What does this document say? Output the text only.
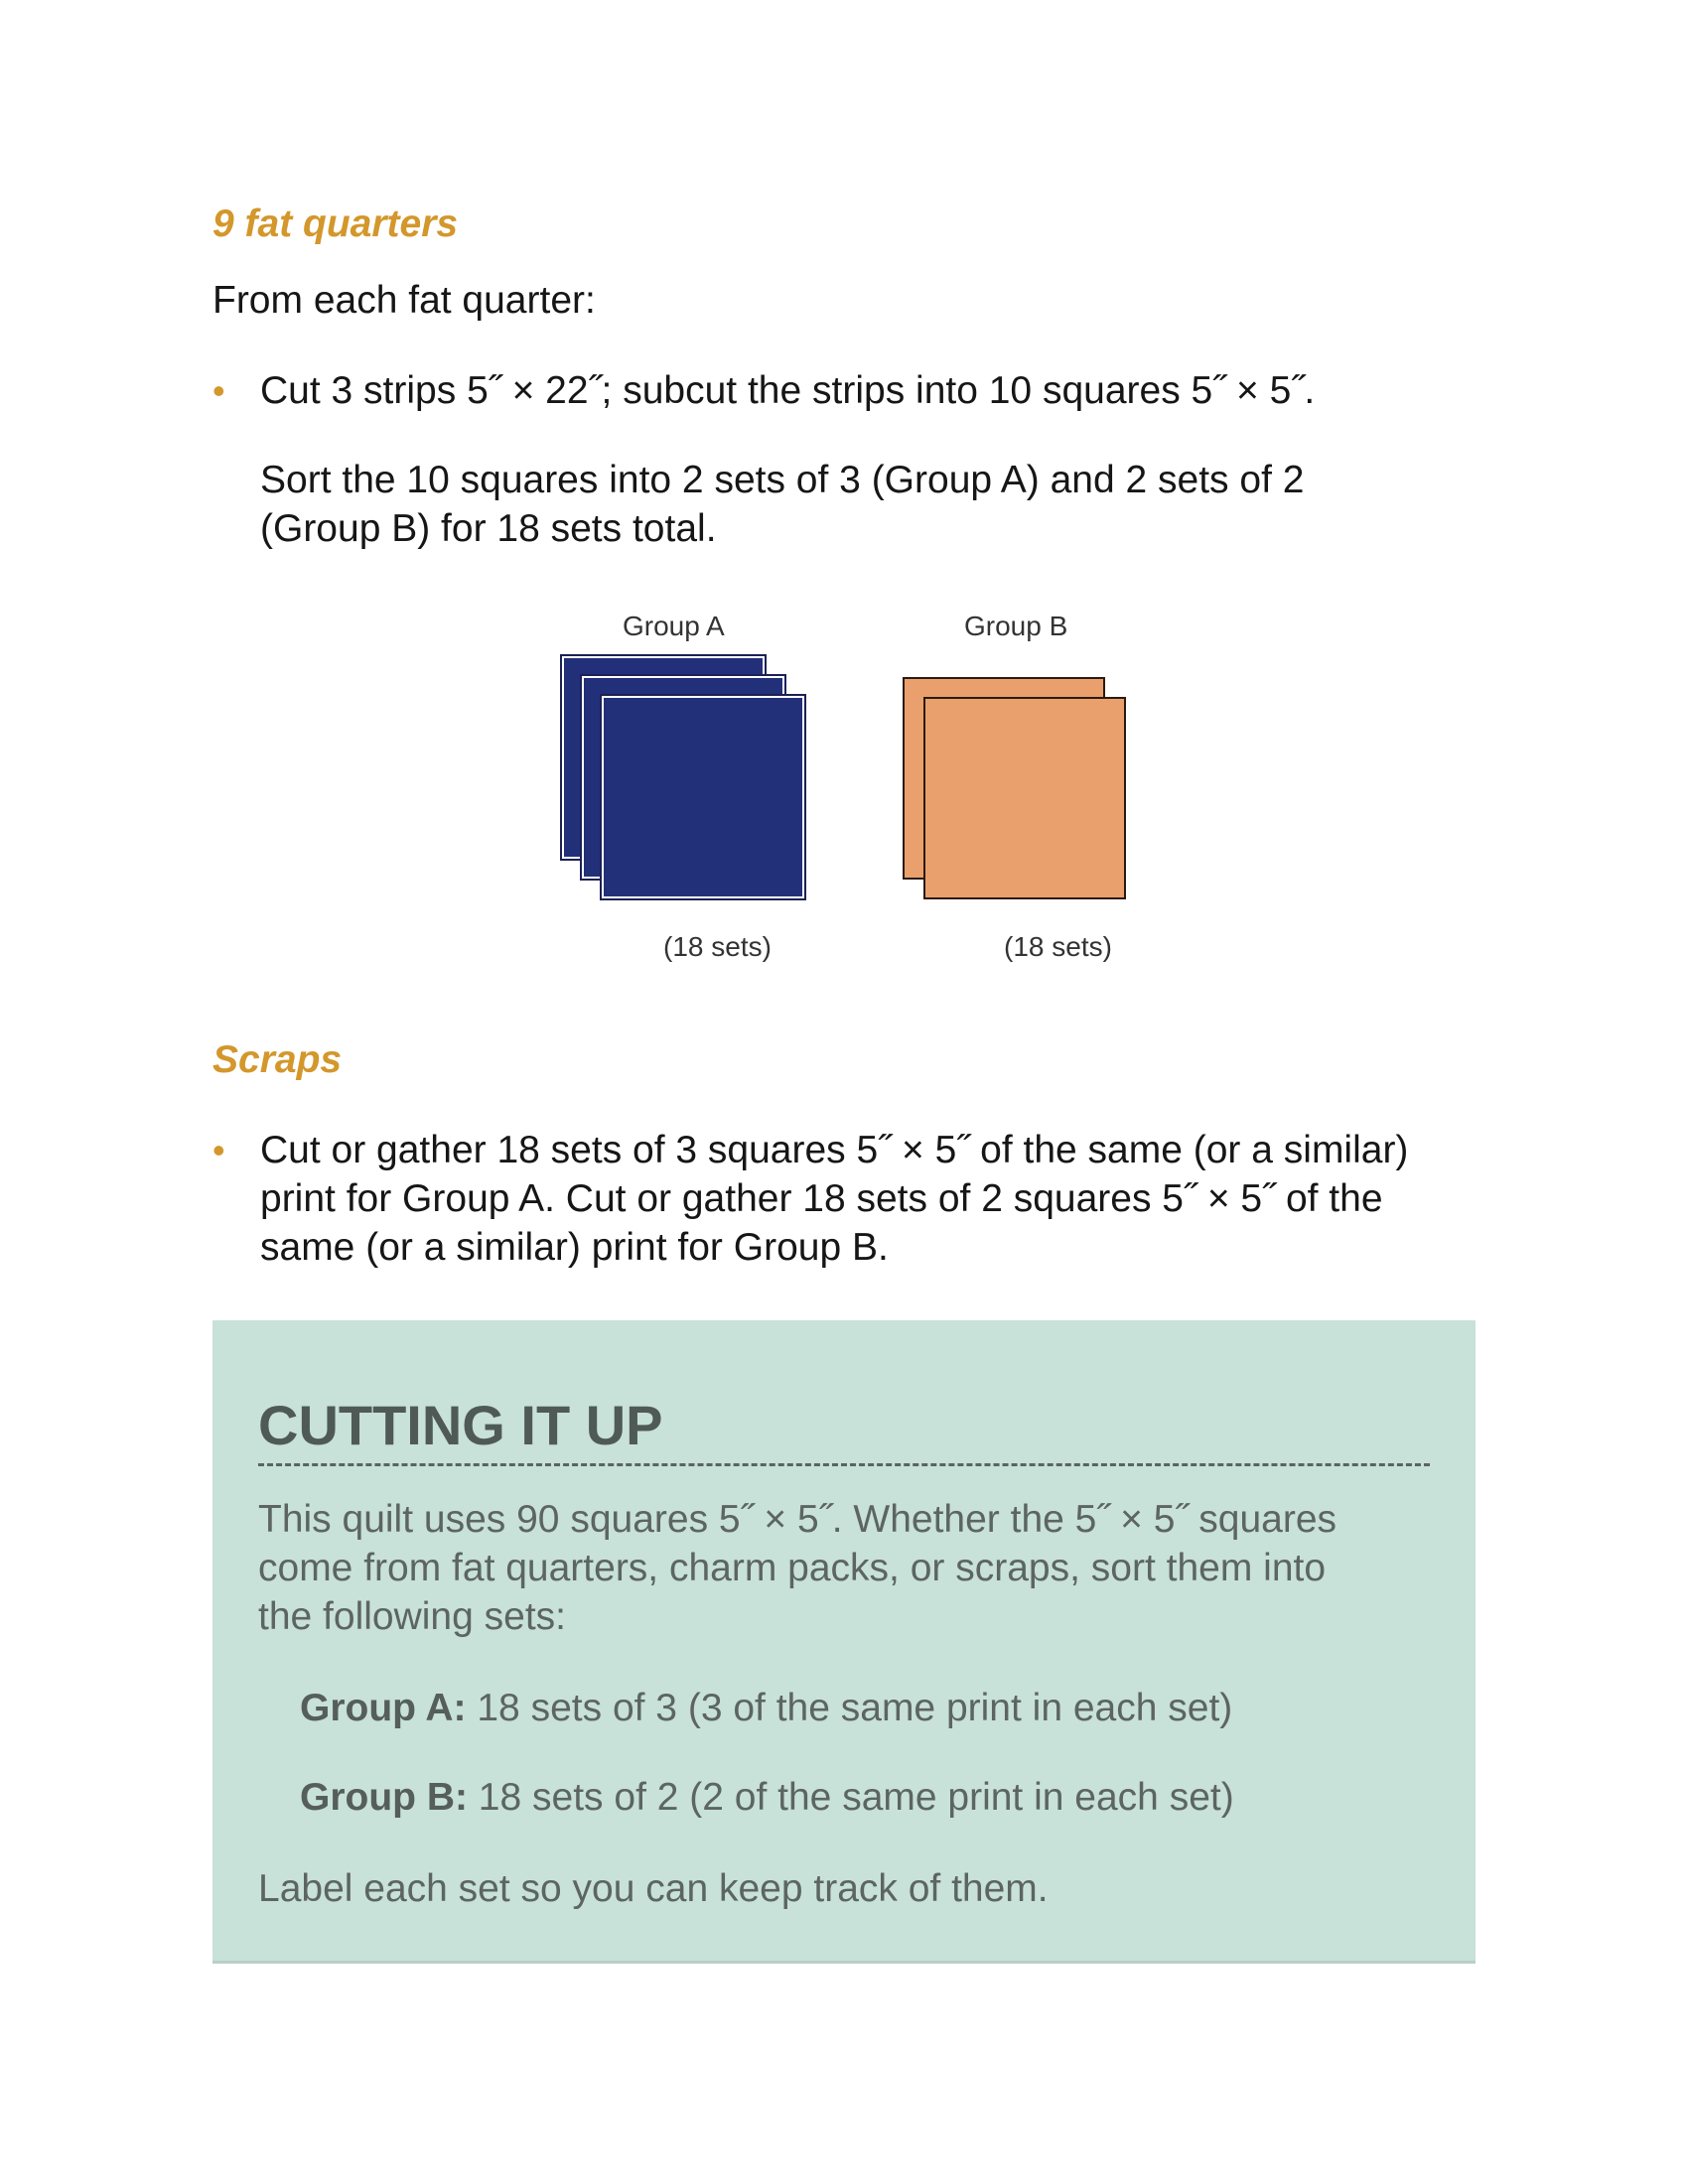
9 fat quarters

From each fat quarter:

• Cut 3 strips 5˝ × 22˝; subcut the strips into 10 squares 5˝ × 5˝.

Sort the 10 squares into 2 sets of 3 (Group A) and 2 sets of 2

(Group B) for 18 sets total.

Group A	Group B
(18 sets)	(18 sets)
Scraps
• Cut or gather 18 sets of 3 squares 5˝ × 5˝ of the same (or a similar)
print for Group A. Cut or gather 18 sets of 2 squares 5˝ × 5˝ of the
same (or a similar) print for Group B.
CUTTING IT UP

This quilt uses 90 squares 5˝ × 5˝. Whether the 5˝ × 5˝ squares

come from fat quarters, charm packs, or scraps, sort them into

the following sets:

Group A: 18 sets of 3 (3 of the same print in each set)

Group B: 18 sets of 2 (2 of the same print in each set)

Label each set so you can keep track of them.
